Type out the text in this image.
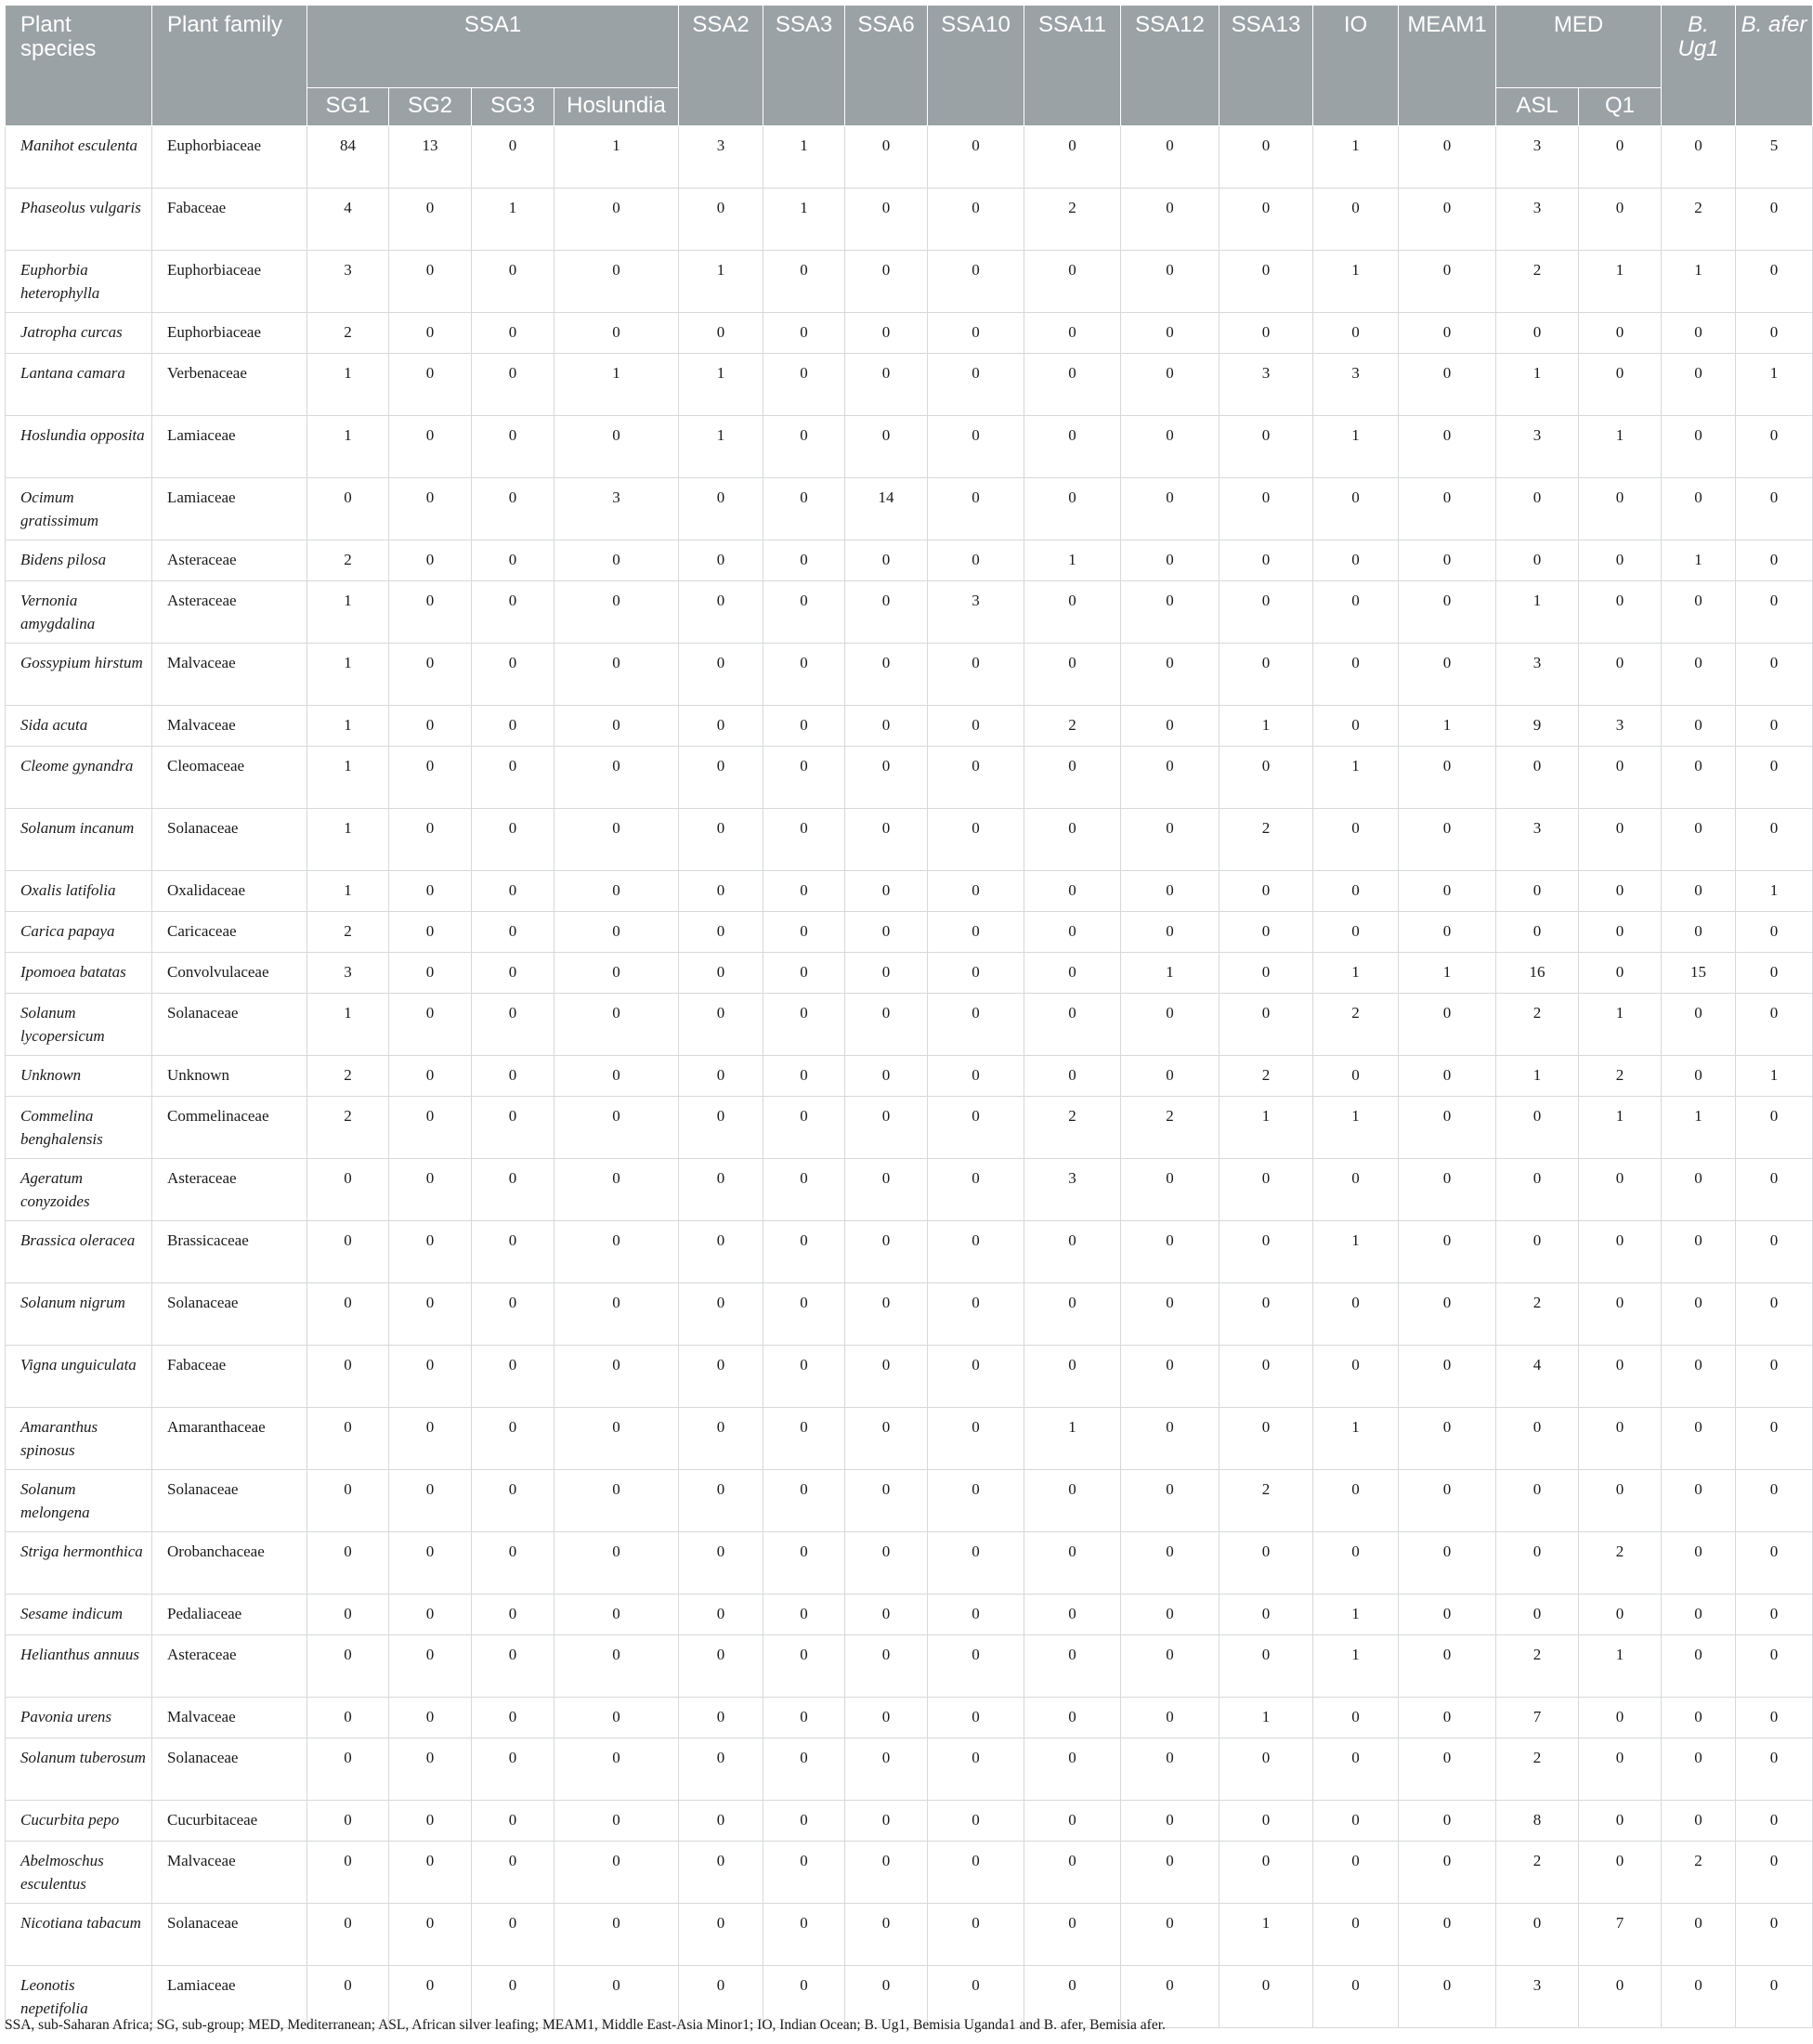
Plant species	Plant family	SSA1				SSA2	SSA3	SSA6	SSA10	SSA11	SSA12	SSA13	IO	MEAM1	MED		B. Ug1	B. afer
		SG1	SG2	SG3	Hoslundia										ASL	Q1		
Manihot esculenta	Euphorbiaceae	84	13	0	1	3	1	0	0	0	0	0	1	0	3	0	0	5
Phaseolus vulgaris	Fabaceae	4	0	1	0	0	1	0	0	2	0	0	0	0	3	0	2	0
Euphorbia heterophylla	Euphorbiaceae	3	0	0	0	1	0	0	0	0	0	0	1	0	2	1	1	0
Jatropha curcas	Euphorbiaceae	2	0	0	0	0	0	0	0	0	0	0	0	0	0	0	0	0
Lantana camara	Verbenaceae	1	0	0	1	1	0	0	0	0	0	3	3	0	1	0	0	1
Hoslundia opposita	Lamiaceae	1	0	0	0	1	0	0	0	0	0	0	1	0	3	1	0	0
Ocimum gratissimum	Lamiaceae	0	0	0	3	0	0	14	0	0	0	0	0	0	0	0	0	0
Bidens pilosa	Asteraceae	2	0	0	0	0	0	0	0	1	0	0	0	0	0	0	1	0
Vernonia amygdalina	Asteraceae	1	0	0	0	0	0	0	3	0	0	0	0	0	1	0	0	0
Gossypium hirstum	Malvaceae	1	0	0	0	0	0	0	0	0	0	0	0	0	3	0	0	0
Sida acuta	Malvaceae	1	0	0	0	0	0	0	0	2	0	1	0	1	9	3	0	0
Cleome gynandra	Cleomaceae	1	0	0	0	0	0	0	0	0	0	0	1	0	0	0	0	0
Solanum incanum	Solanaceae	1	0	0	0	0	0	0	0	0	0	2	0	0	3	0	0	0
Oxalis latifolia	Oxalidaceae	1	0	0	0	0	0	0	0	0	0	0	0	0	0	0	0	1
Carica papaya	Caricaceae	2	0	0	0	0	0	0	0	0	0	0	0	0	0	0	0	0
Ipomoea batatas	Convolvulaceae	3	0	0	0	0	0	0	0	0	1	0	1	1	16	0	15	0
Solanum lycopersicum	Solanaceae	1	0	0	0	0	0	0	0	0	0	0	2	0	2	1	0	0
Unknown	Unknown	2	0	0	0	0	0	0	0	0	0	2	0	0	1	2	0	1
Commelina benghalensis	Commelinaceae	2	0	0	0	0	0	0	0	2	2	1	1	0	0	1	1	0
Ageratum conyzoides	Asteraceae	0	0	0	0	0	0	0	0	3	0	0	0	0	0	0	0	0
Brassica oleracea	Brassicaceae	0	0	0	0	0	0	0	0	0	0	0	1	0	0	0	0	0
Solanum nigrum	Solanaceae	0	0	0	0	0	0	0	0	0	0	0	0	0	2	0	0	0
Vigna unguiculata	Fabaceae	0	0	0	0	0	0	0	0	0	0	0	0	0	4	0	0	0
Amaranthus spinosus	Amaranthaceae	0	0	0	0	0	0	0	0	1	0	0	1	0	0	0	0	0
Solanum melongena	Solanaceae	0	0	0	0	0	0	0	0	0	0	2	0	0	0	0	0	0
Striga hermonthica	Orobanchaceae	0	0	0	0	0	0	0	0	0	0	0	0	0	0	2	0	0
Sesame indicum	Pedaliaceae	0	0	0	0	0	0	0	0	0	0	0	1	0	0	0	0	0
Helianthus annuus	Asteraceae	0	0	0	0	0	0	0	0	0	0	0	1	0	2	1	0	0
Pavonia urens	Malvaceae	0	0	0	0	0	0	0	0	0	0	1	0	0	7	0	0	0
Solanum tuberosum	Solanaceae	0	0	0	0	0	0	0	0	0	0	0	0	0	2	0	0	0
Cucurbita pepo	Cucurbitaceae	0	0	0	0	0	0	0	0	0	0	0	0	0	8	0	0	0
Abelmoschus esculentus	Malvaceae	0	0	0	0	0	0	0	0	0	0	0	0	0	2	0	2	0
Nicotiana tabacum	Solanaceae	0	0	0	0	0	0	0	0	0	0	1	0	0	0	7	0	0
Leonotis nepetifolia	Lamiaceae	0	0	0	0	0	0	0	0	0	0	0	0	0	3	0	0	0
SSA, sub-Saharan Africa; SG, sub-group; MED, Mediterranean; ASL, African silver leafing; MEAM1, Middle East-Asia Minor1; IO, Indian Ocean; B. Ug1, Bemisia Uganda1 and B. afer, Bemisia afer.
